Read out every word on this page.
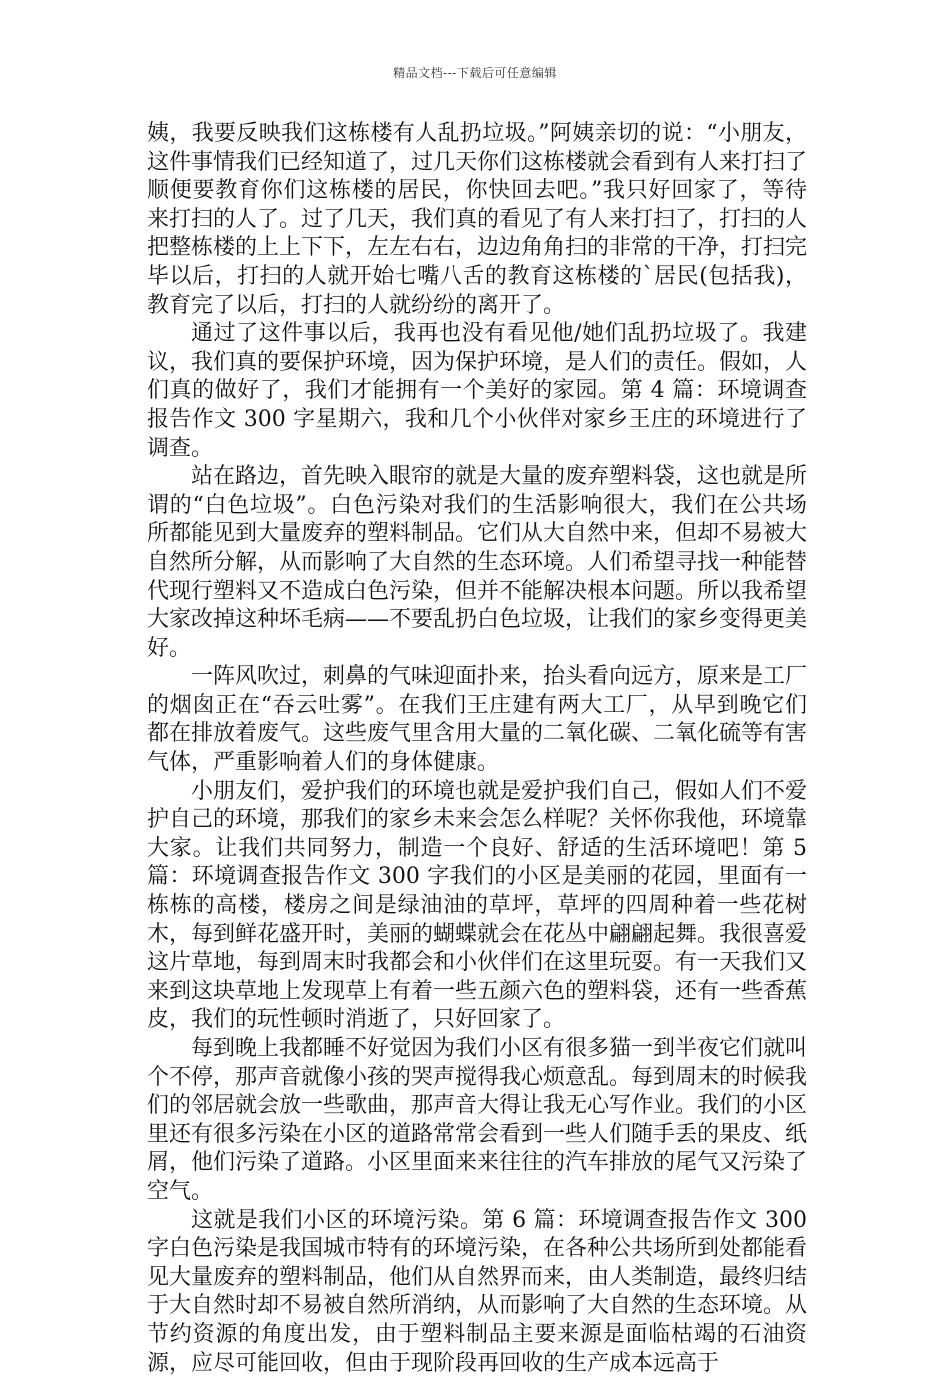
精品文档---下载后可任意编辑

姨，我要反映我们这栋楼有人乱扔垃圾。”阿姨亲切的说：“小朋友，这件事情我们已经知道了，过几天你们这栋楼就会看到有人来打扫了顺便要教育你们这栋楼的居民，你快回去吧。”我只好回家了，等待来打扫的人了。过了几天，我们真的看见了有人来打扫了，打扫的人把整栋楼的上上下下，左左右右，边边角角扫的非常的干净，打扫完毕以后，打扫的人就开始七嘴八舌的教育这栋楼的`居民(包括我)，教育完了以后，打扫的人就纷纷的离开了。

通过了这件事以后，我再也没有看见他/她们乱扔垃圾了。我建议，我们真的要保护环境，因为保护环境，是人们的责任。假如，人们真的做好了，我们才能拥有一个美好的家园。第 4 篇：环境调查报告作文 300 字星期六，我和几个小伙伴对家乡王庄的环境进行了调查。

站在路边，首先映入眼帘的就是大量的废弃塑料袋，这也就是所谓的“白色垃圾”。白色污染对我们的生活影响很大，我们在公共场所都能见到大量废弃的塑料制品。它们从大自然中来，但却不易被大自然所分解，从而影响了大自然的生态环境。人们希望寻找一种能替代现行塑料又不造成白色污染，但并不能解决根本问题。所以我希望大家改掉这种坏毛病——不要乱扔白色垃圾，让我们的家乡变得更美好。

一阵风吹过，刺鼻的气味迎面扑来，抬头看向远方，原来是工厂的烟囱正在“吞云吐雾”。在我们王庄建有两大工厂，从早到晚它们都在排放着废气。这些废气里含用大量的二氧化碳、二氧化硫等有害气体，严重影响着人们的身体健康。

小朋友们，爱护我们的环境也就是爱护我们自己，假如人们不爱护自己的环境，那我们的家乡未来会怎么样呢？关怀你我他，环境靠大家。让我们共同努力，制造一个良好、舒适的生活环境吧！第 5 篇：环境调查报告作文 300 字我们的小区是美丽的花园，里面有一栋栋的高楼，楼房之间是绿油油的草坪，草坪的四周种着一些花树木，每到鲜花盛开时，美丽的蝴蝶就会在花丛中翩翩起舞。我很喜爱这片草地，每到周末时我都会和小伙伴们在这里玩耍。有一天我们又来到这块草地上发现草上有着一些五颜六色的塑料袋，还有一些香蕉皮，我们的玩性顿时消逝了，只好回家了。

每到晚上我都睡不好觉因为我们小区有很多猫一到半夜它们就叫个不停，那声音就像小孩的哭声搅得我心烦意乱。每到周末的时候我们的邻居就会放一些歌曲，那声音大得让我无心写作业。我们的小区里还有很多污染在小区的道路常常会看到一些人们随手丢的果皮、纸屑，他们污染了道路。小区里面来来往往的汽车排放的尾气又污染了空气。

这就是我们小区的环境污染。第 6 篇：环境调查报告作文 300 字白色污染是我国城市特有的环境污染，在各种公共场所到处都能看见大量废弃的塑料制品，他们从自然界而来，由人类制造，最终归结于大自然时却不易被自然所消纳，从而影响了大自然的生态环境。从节约资源的角度出发，由于塑料制品主要来源是面临枯竭的石油资源，应尽可能回收，但由于现阶段再回收的生产成本远高于
